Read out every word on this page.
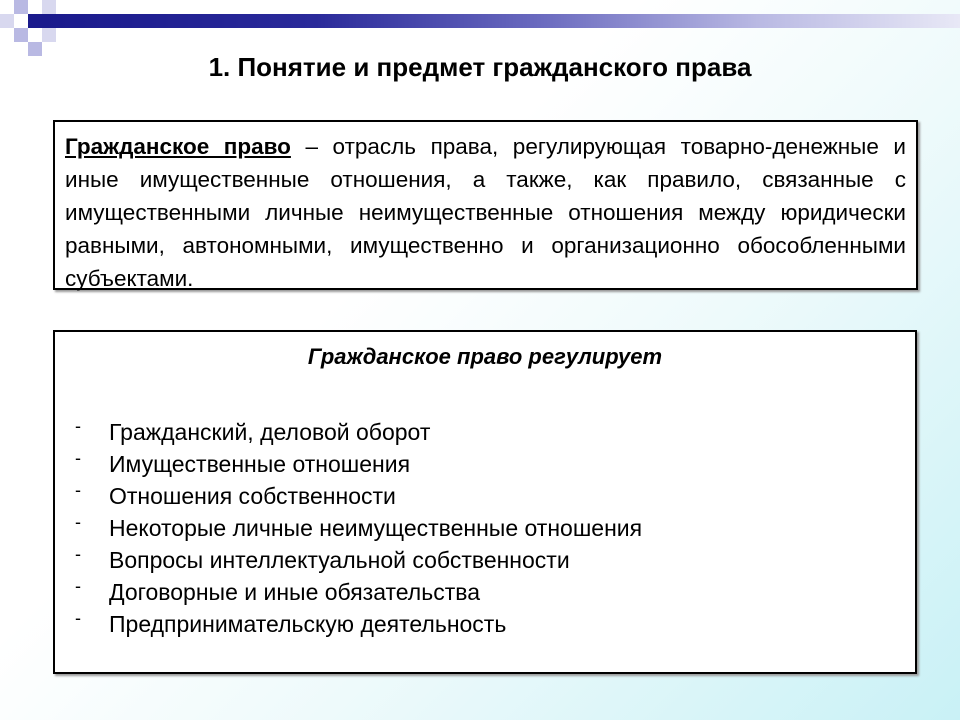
1. Понятие и предмет гражданского права
Гражданское право – отрасль права, регулирующая товарно-денежные и иные имущественные отношения, а также, как правило, связанные с имущественными личные неимущественные отношения между юридически равными, автономными, имущественно и организационно обособленными субъектами.
Гражданское право регулирует
- Гражданский, деловой оборот
- Имущественные отношения
- Отношения собственности
- Некоторые личные неимущественные отношения
- Вопросы интеллектуальной собственности
- Договорные и иные обязательства
- Предпринимательскую деятельность
